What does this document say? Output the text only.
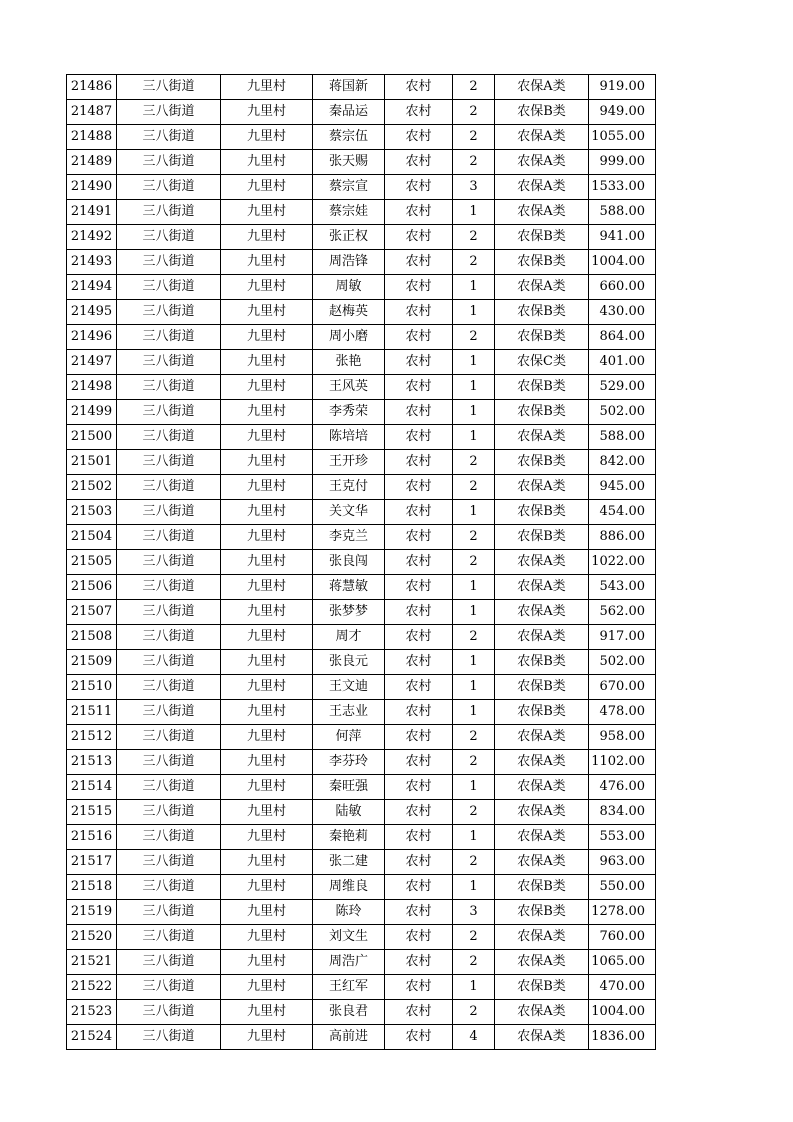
21486	三八街道	九里村	蒋国新	农村	2	农保A类	919.00
21487	三八街道	九里村	秦品运	农村	2	农保B类	949.00
21488	三八街道	九里村	蔡宗伍	农村	2	农保A类	1055.00
21489	三八街道	九里村	张天赐	农村	2	农保A类	999.00
21490	三八街道	九里村	蔡宗宣	农村	3	农保A类	1533.00
21491	三八街道	九里村	蔡宗娃	农村	1	农保A类	588.00
21492	三八街道	九里村	张正权	农村	2	农保B类	941.00
21493	三八街道	九里村	周浩锋	农村	2	农保B类	1004.00
21494	三八街道	九里村	周敏	农村	1	农保A类	660.00
21495	三八街道	九里村	赵梅英	农村	1	农保B类	430.00
21496	三八街道	九里村	周小磨	农村	2	农保B类	864.00
21497	三八街道	九里村	张艳	农村	1	农保C类	401.00
21498	三八街道	九里村	王风英	农村	1	农保B类	529.00
21499	三八街道	九里村	李秀荣	农村	1	农保B类	502.00
21500	三八街道	九里村	陈培培	农村	1	农保A类	588.00
21501	三八街道	九里村	王开珍	农村	2	农保B类	842.00
21502	三八街道	九里村	王克付	农村	2	农保A类	945.00
21503	三八街道	九里村	关文华	农村	1	农保B类	454.00
21504	三八街道	九里村	李克兰	农村	2	农保B类	886.00
21505	三八街道	九里村	张良闯	农村	2	农保A类	1022.00
21506	三八街道	九里村	蒋慧敏	农村	1	农保A类	543.00
21507	三八街道	九里村	张梦梦	农村	1	农保A类	562.00
21508	三八街道	九里村	周才	农村	2	农保A类	917.00
21509	三八街道	九里村	张良元	农村	1	农保B类	502.00
21510	三八街道	九里村	王文迪	农村	1	农保B类	670.00
21511	三八街道	九里村	王志业	农村	1	农保B类	478.00
21512	三八街道	九里村	何萍	农村	2	农保A类	958.00
21513	三八街道	九里村	李芬玲	农村	2	农保A类	1102.00
21514	三八街道	九里村	秦旺强	农村	1	农保A类	476.00
21515	三八街道	九里村	陆敏	农村	2	农保A类	834.00
21516	三八街道	九里村	秦艳莉	农村	1	农保A类	553.00
21517	三八街道	九里村	张二建	农村	2	农保A类	963.00
21518	三八街道	九里村	周维良	农村	1	农保B类	550.00
21519	三八街道	九里村	陈玲	农村	3	农保B类	1278.00
21520	三八街道	九里村	刘文生	农村	2	农保A类	760.00
21521	三八街道	九里村	周浩广	农村	2	农保A类	1065.00
21522	三八街道	九里村	王红军	农村	1	农保B类	470.00
21523	三八街道	九里村	张良君	农村	2	农保A类	1004.00
21524	三八街道	九里村	高前进	农村	4	农保A类	1836.00
